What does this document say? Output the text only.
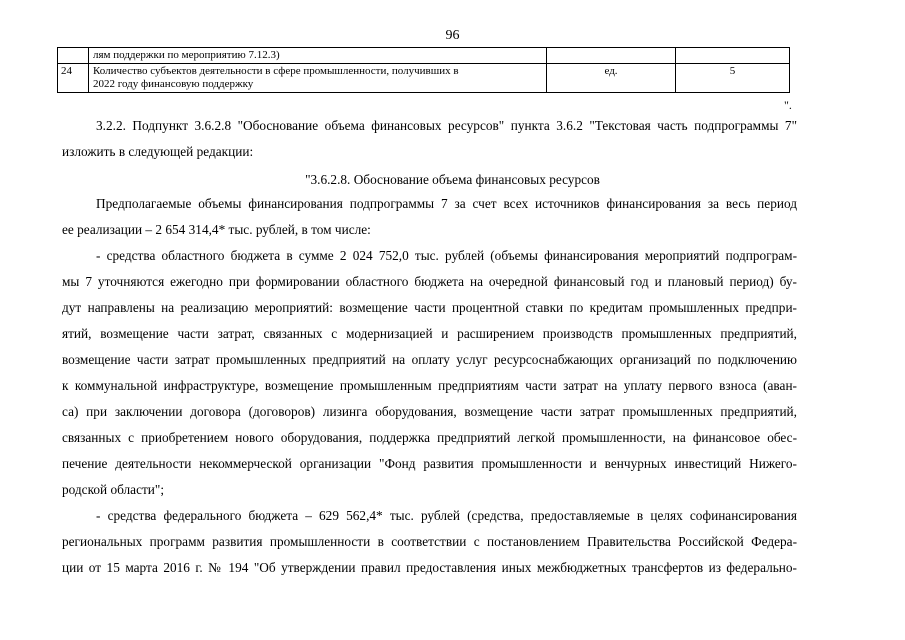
96
	лям поддержки по мероприятию 7.12.3)		
24	Количество субъектов деятельности в сфере промышленности, получивших в
2022 году финансовую поддержку	ед.	5
".
3.2.2. Подпункт 3.6.2.8 "Обоснование объема финансовых ресурсов" пункта 3.6.2 "Текстовая часть подпрограммы 7"
изложить в следующей редакции:
"3.6.2.8. Обоснование объема финансовых ресурсов
Предполагаемые объемы финансирования подпрограммы 7 за счет всех источников финансирования за весь период
ее реализации – 2 654 314,4* тыс. рублей, в том числе:
- средства областного бюджета в сумме 2 024 752,0 тыс. рублей (объемы финансирования мероприятий подпрограм-
мы 7 уточняются ежегодно при формировании областного бюджета на очередной финансовый год и плановый период) бу-
дут направлены на реализацию мероприятий: возмещение части процентной ставки по кредитам промышленных предпри-
ятий, возмещение части затрат, связанных с модернизацией и расширением производств промышленных предприятий,
возмещение части затрат промышленных предприятий на оплату услуг ресурсоснабжающих организаций по подключению
к коммунальной инфраструктуре, возмещение промышленным предприятиям части затрат на уплату первого взноса (аван-
са) при заключении договора (договоров) лизинга оборудования, возмещение части затрат промышленных предприятий,
связанных с приобретением нового оборудования, поддержка предприятий легкой промышленности, на финансовое обес-
печение деятельности некоммерческой организации "Фонд развития промышленности и венчурных инвестиций Нижего-
родской области";
- средства федерального бюджета – 629 562,4* тыс. рублей (средства, предоставляемые в целях софинансирования
региональных программ развития промышленности в соответствии с постановлением Правительства Российской Федера-
ции от 15 марта 2016 г. № 194 "Об утверждении правил предоставления иных межбюджетных трансфертов из федерально-
